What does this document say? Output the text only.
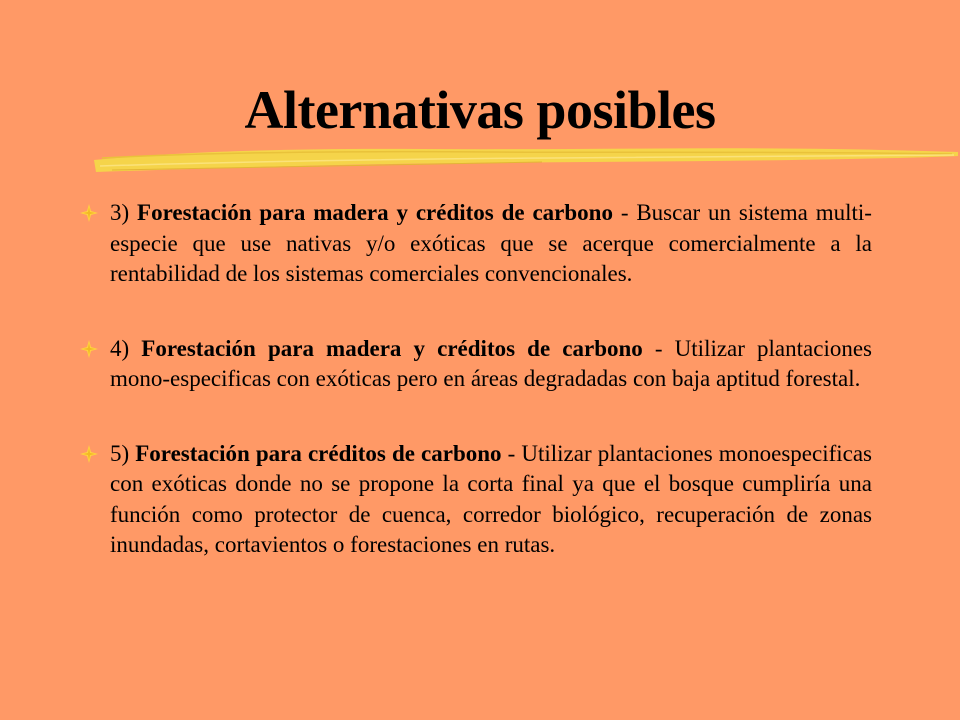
Alternativas posibles
3) Forestación para madera y créditos de carbono - Buscar un sistema multi-especie que use nativas y/o exóticas que se acerque comercialmente a la rentabilidad de los sistemas comerciales convencionales.
4) Forestación para madera y créditos de carbono - Utilizar plantaciones mono-especificas con exóticas pero en áreas degradadas con baja aptitud forestal.
5) Forestación para créditos de carbono - Utilizar plantaciones monoespecificas con exóticas donde no se propone la corta final ya que el bosque cumpliría una función como protector de cuenca, corredor biológico, recuperación de zonas inundadas, cortavientos o forestaciones en rutas.
